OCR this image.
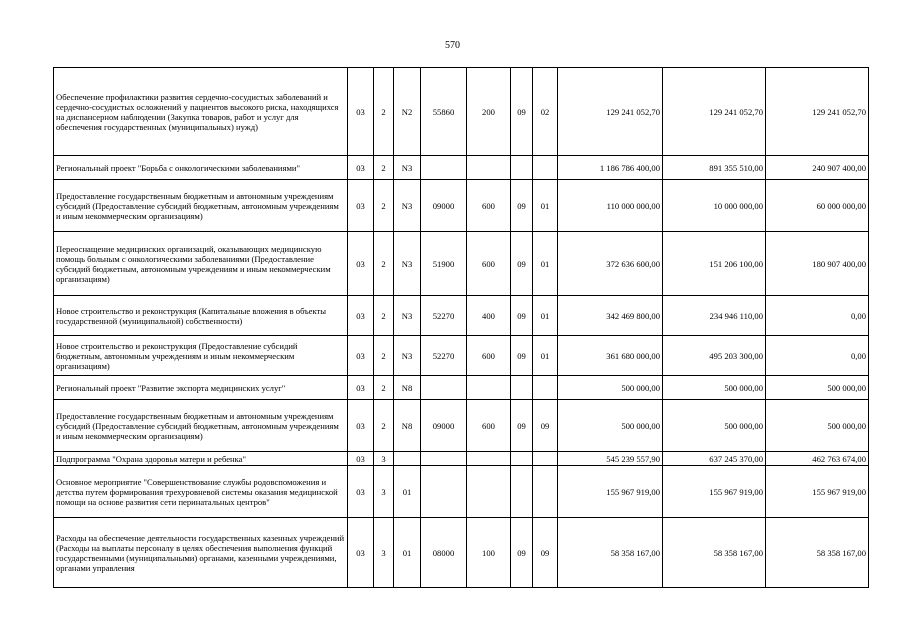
570
Обеспечение профилактики развития сердечно-сосудистых заболеваний и сердечно-сосудистых осложнений у пациентов высокого риска, находящихся на диспансерном наблюдении (Закупка товаров, работ и услуг для обеспечения государственных (муниципальных) нужд)	03	2	N2	55860	200	09	02	129 241 052,70	129 241 052,70	129 241 052,70
Региональный проект "Борьба с онкологическими заболеваниями"	03	2	N3					1 186 786 400,00	891 355 510,00	240 907 400,00
Предоставление государственным бюджетным и автономным учреждениям субсидий (Предоставление субсидий бюджетным, автономным учреждениям и иным некоммерческим организациям)	03	2	N3	09000	600	09	01	110 000 000,00	10 000 000,00	60 000 000,00
Переоснащение медицинских организаций, оказывающих медицинскую помощь больным с онкологическими заболеваниями (Предоставление субсидий бюджетным, автономным учреждениям и иным некоммерческим организациям)	03	2	N3	51900	600	09	01	372 636 600,00	151 206 100,00	180 907 400,00
Новое строительство и реконструкция (Капитальные вложения в объекты государственной (муниципальной) собственности)	03	2	N3	52270	400	09	01	342 469 800,00	234 946 110,00	0,00
Новое строительство и реконструкция (Предоставление субсидий бюджетным, автономным учреждениям и иным некоммерческим организациям)	03	2	N3	52270	600	09	01	361 680 000,00	495 203 300,00	0,00
Региональный проект "Развитие экспорта медицинских услуг"	03	2	N8					500 000,00	500 000,00	500 000,00
Предоставление государственным бюджетным и автономным учреждениям субсидий (Предоставление субсидий бюджетным, автономным учреждениям и иным некоммерческим организациям)	03	2	N8	09000	600	09	09	500 000,00	500 000,00	500 000,00
Подпрограмма "Охрана здоровья матери и ребенка"	03	3						545 239 557,90	637 245 370,00	462 763 674,00
Основное мероприятие "Совершенствование службы родовспоможения и детства путем формирования трехуровневой системы оказания медицинской помощи на основе развития сети перинатальных центров"	03	3	01					155 967 919,00	155 967 919,00	155 967 919,00
Расходы на обеспечение деятельности государственных казенных учреждений (Расходы на выплаты персоналу в целях обеспечения выполнения функций государственными (муниципальными) органами, казенными учреждениями, органами управления	03	3	01	08000	100	09	09	58 358 167,00	58 358 167,00	58 358 167,00
